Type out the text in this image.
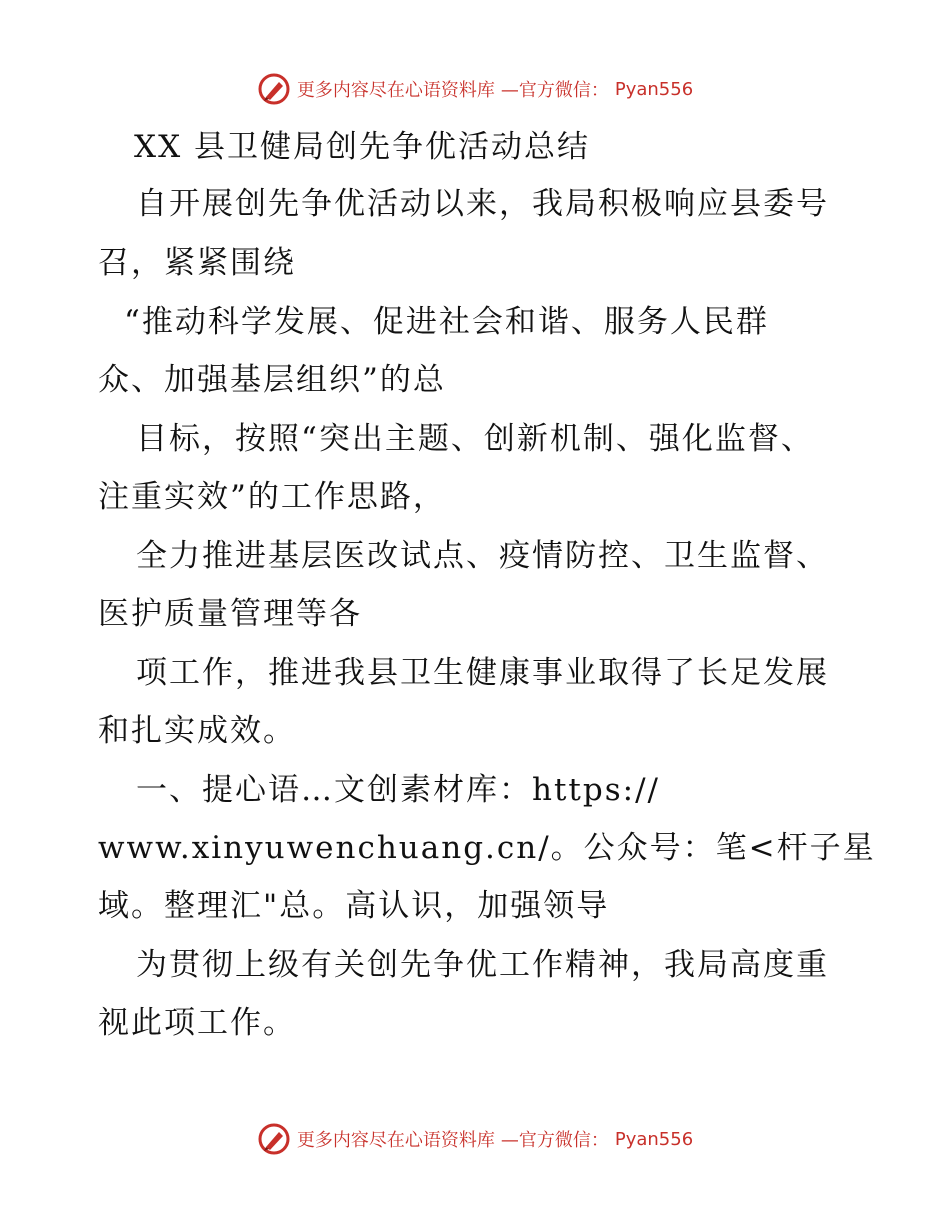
更多内容尽在心语资料库 —官方微信： Pyan556
XX 县卫健局创先争优活动总结
自开展创先争优活动以来，我局积极响应县委号
召，紧紧围绕
“推动科学发展、促进社会和谐、服务人民群
众、加强基层组织”的总
目标，按照“突出主题、创新机制、强化监督、
注重实效”的工作思路，
全力推进基层医改试点、疫情防控、卫生监督、
医护质量管理等各
项工作，推进我县卫生健康事业取得了长足发展
和扎实成效。
一、提心语…文创素材库：https://
www.xinyuwenchuang.cn/。公众号：笔<杆子星
域。整理汇"总。高认识，加强领导
为贯彻上级有关创先争优工作精神，我局高度重
视此项工作。
更多内容尽在心语资料库 —官方微信： Pyan556
